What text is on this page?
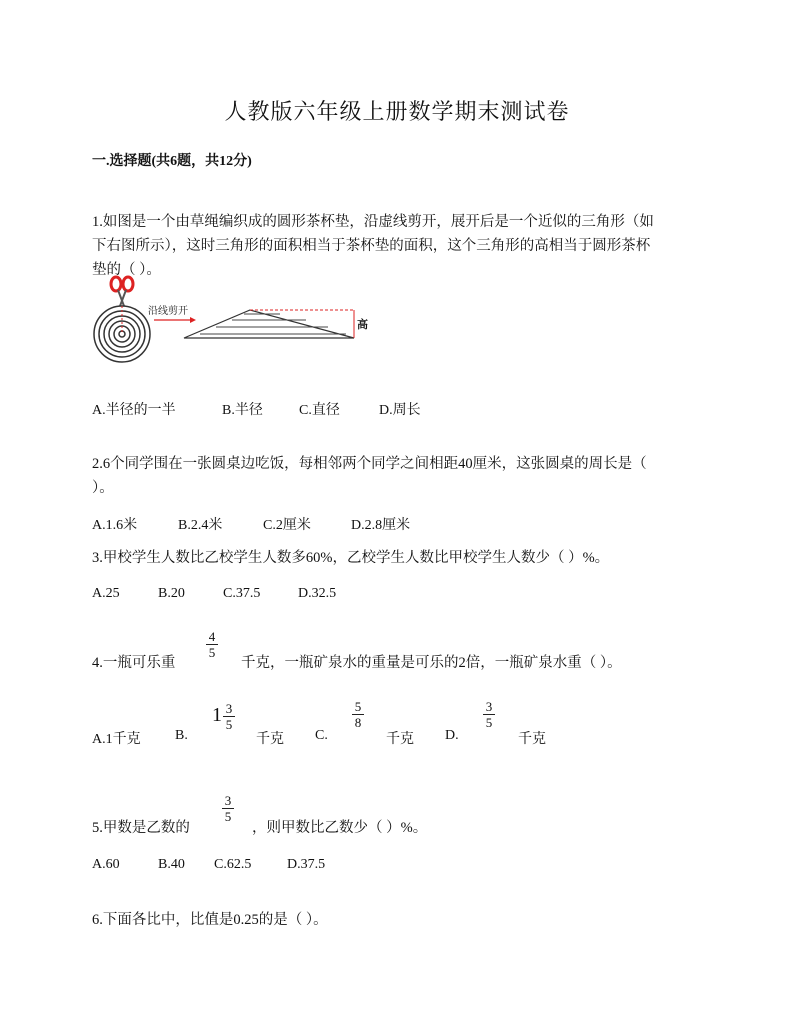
人教版六年级上册数学期末测试卷
一.选择题(共6题，共12分)
1.如图是一个由草绳编织成的圆形茶杯垫，沿虚线剪开，展开后是一个近似的三角形（如
下右图所示），这时三角形的面积相当于茶杯垫的面积，这个三角形的高相当于圆形茶杯
垫的（ ）。
沿线剪开
高
A.半径的一半	B.半径	C.直径	D.周长
2.6个同学围在一张圆桌边吃饭，每相邻两个同学之间相距40厘米，这张圆桌的周长是（
）。
A.1.6米	B.2.4米	C.2厘米	D.2.8厘米
3.甲校学生人数比乙校学生人数多60%，乙校学生人数比甲校学生人数少（ ）%。
A.25	B.20	C.37.5	D.32.5
4.一瓶可乐重
4
5
千克，一瓶矿泉水的重量是可乐的2倍，一瓶矿泉水重（ ）。
A.1千克 B.
1 3
5
千克 C.
5
8
千克 D.
3
5
千克
5.甲数是乙数的
3
5
，则甲数比乙数少（ ）%。
A.60	B.40 C.62.5	D.37.5
6.下面各比中，比值是0.25的是（ ）。
